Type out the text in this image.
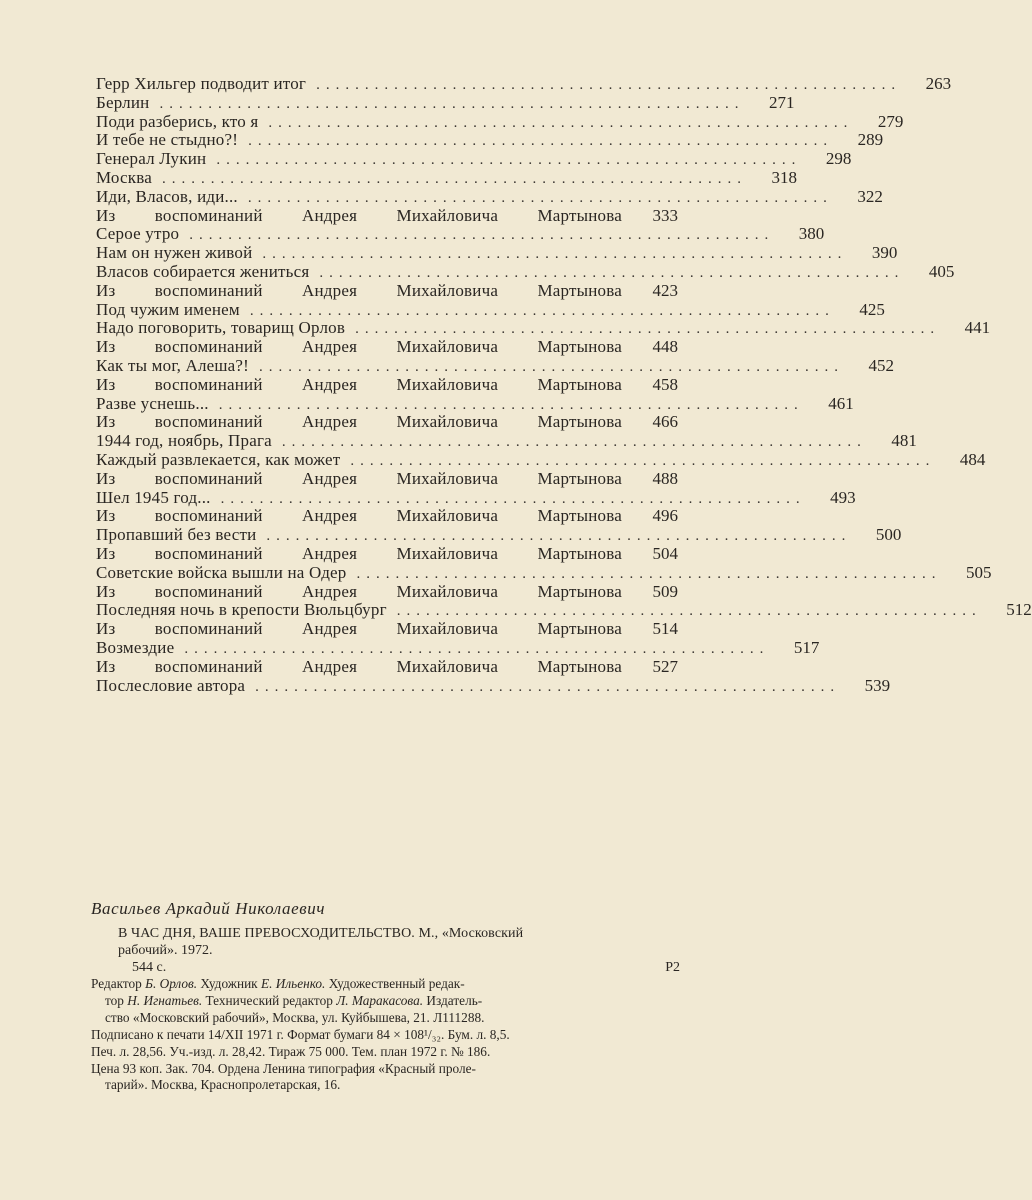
Герр Хильгер подводит итог ............................................................	263
Берлин ............................................................	271
Поди разберись, кто я ............................................................	279
И тебе не стыдно?! ............................................................	289
Генерал Лукин ............................................................	298
Москва ............................................................	318
Иди, Власов, иди... ............................................................	322
Из воспоминаний Андрея Михайловича Мартынова	333
Серое утро ............................................................	380
Нам он нужен живой ............................................................	390
Власов собирается жениться ............................................................	405
Из воспоминаний Андрея Михайловича Мартынова	423
Под чужим именем ............................................................	425
Надо поговорить, товарищ Орлов ............................................................	441
Из воспоминаний Андрея Михайловича Мартынова	448
Как ты мог, Алеша?! ............................................................	452
Из воспоминаний Андрея Михайловича Мартынова	458
Разве уснешь... ............................................................	461
Из воспоминаний Андрея Михайловича Мартынова	466
1944 год, ноябрь, Прага ............................................................	481
Каждый развлекается, как может ............................................................	484
Из воспоминаний Андрея Михайловича Мартынова	488
Шел 1945 год... ............................................................	493
Из воспоминаний Андрея Михайловича Мартынова	496
Пропавший без вести ............................................................	500
Из воспоминаний Андрея Михайловича Мартынова	504
Советские войска вышли на Одер ............................................................	505
Из воспоминаний Андрея Михайловича Мартынова	509
Последняя ночь в крепости Вюльцбург ............................................................	512
Из воспоминаний Андрея Михайловича Мартынова	514
Возмездие ............................................................	517
Из воспоминаний Андрея Михайловича Мартынова	527
Послесловие автора ............................................................	539
Васильев Аркадий Николаевич
В ЧАС ДНЯ, ВАШЕ ПРЕВОСХОДИТЕЛЬСТВО. М., «Московский
рабочий». 1972.
544 с.	Р2
Редактор Б. Орлов. Художник Е. Ильенко. Художественный редак-
тор Н. Игнатьев. Технический редактор Л. Маракасова. Издатель-
ство «Московский рабочий», Москва, ул. Куйбышева, 21. Л111288.
Подписано к печати 14/XII 1971 г. Формат бумаги 84 × 108¹/₃₂. Бум. л. 8,5.
Печ. л. 28,56. Уч.-изд. л. 28,42. Тираж 75 000. Тем. план 1972 г. № 186.
Цена 93 коп. Зак. 704. Ордена Ленина типография «Красный проле-
тарий». Москва, Краснопролетарская, 16.
